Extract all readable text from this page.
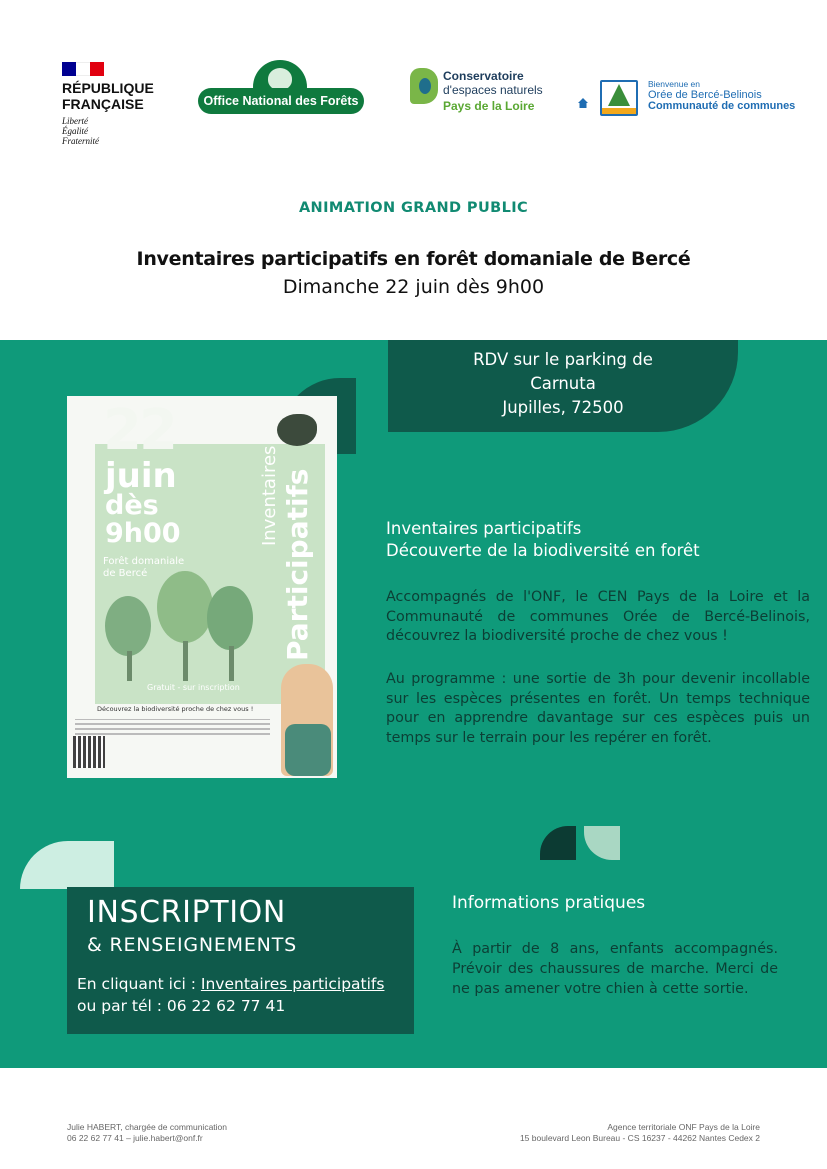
RÉPUBLIQUE
FRANÇAISE
Liberté
Égalité
Fraternité
Office National des Forêts
Conservatoire
d'espaces naturels
Pays de la Loire
Bienvenue en
Orée de Bercé-Belinois
Communauté de communes
ANIMATION GRAND PUBLIC
Inventaires participatifs en forêt domaniale de Bercé
Dimanche 22 juin dès 9h00
RDV sur le parking de
Carnuta
Jupilles, 72500
22
juin
dès
9h00
Forêt domaniale
de Bercé
Inventaires Participatifs
Gratuit - sur inscription
Découvrez la biodiversité proche de chez vous !
Inventaires participatifs
Découverte de la biodiversité en forêt
Accompagnés de l'ONF, le CEN Pays de la Loire et la Communauté de communes Orée de Bercé-Belinois, découvrez la biodiversité proche de chez vous !
Au programme : une sortie de 3h pour devenir incollable sur les espèces présentes en forêt. Un temps technique pour en apprendre davantage sur ces espèces puis un temps sur le terrain pour les repérer en forêt.
INSCRIPTION
& RENSEIGNEMENTS
En cliquant ici : Inventaires participatifs
ou par tél : 06 22 62 77 41
Informations pratiques
À partir de 8 ans, enfants accompagnés. Prévoir des chaussures de marche. Merci de ne pas amener votre chien à cette sortie.
Julie HABERT, chargée de communication
06 22 62 77 41 – julie.habert@onf.fr
Agence territoriale ONF Pays de la Loire
15 boulevard Leon Bureau - CS 16237 - 44262 Nantes Cedex 2
